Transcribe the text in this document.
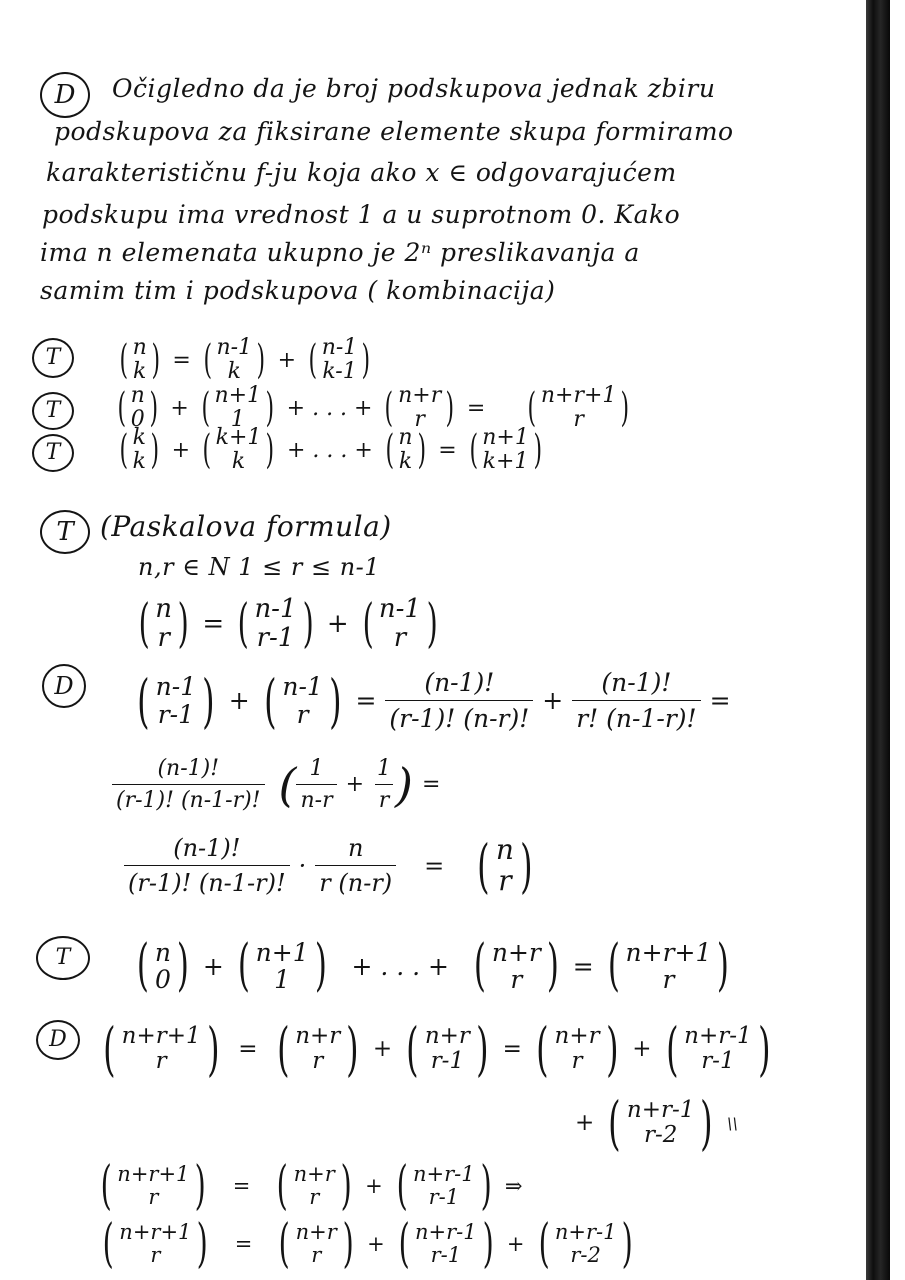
D Očigledno da je broj podskupova jednak zbiru
podskupova za fiksirane elemente skupa formiramo
karakterističnu f-ju koja ako x ∈ odgovarajućem
podskupu ima vrednost 1 a u suprotnom 0. Kako
ima n elemenata ukupno je 2ⁿ preslikavanja a
samim tim i podskupova ( kombinacija)
T ( n
k ) = ( n-1
k ) + ( n-1
k-1 )
T ( n
0 ) + ( n+1
1 ) + . . . + ( n+r
r ) = ( n+r+1
r )
T ( k
k ) + ( k+1
k ) + . . . + ( n
k ) = ( n+1
k+1 )
T (Paskalova formula)
n,r ∈ N 1 ≤ r ≤ n-1
( n
r ) = ( n-1
r-1 ) + ( n-1
r )
D ( n-1
r-1 ) + ( n-1
r ) = $\frac{(n-1)!}{(r-1)! (n-r)!} + \frac{(n-1)!}{r! (n-1-r)!}$ =
$\frac{(n-1)!}{(r-1)! (n-1-r)!}$ ( $\frac{1}{n-r} + \frac{1}{r}$ ) =
$\frac{(n-1)!}{(r-1)! (n-1-r)!} \cdot \frac{n}{r (n-r)}$ = ( n
r )
T ( n
0 ) + ( n+1
1 ) + . . . + ( n+r
r ) = ( n+r+1
r )
D ( n+r+1
r ) = ( n+r
r ) + ( n+r
r-1 ) = ( n+r
r ) + ( n+r-1
r-1 )
+ ( n+r-1
r-2 ) \\
( n+r+1
r ) = ( n+r
r ) + ( n+r-1
r-1 ) ⇒
( n+r+1
r ) = ( n+r
r ) + ( n+r-1
r-1 ) + ( n+r-1
r-2 )
